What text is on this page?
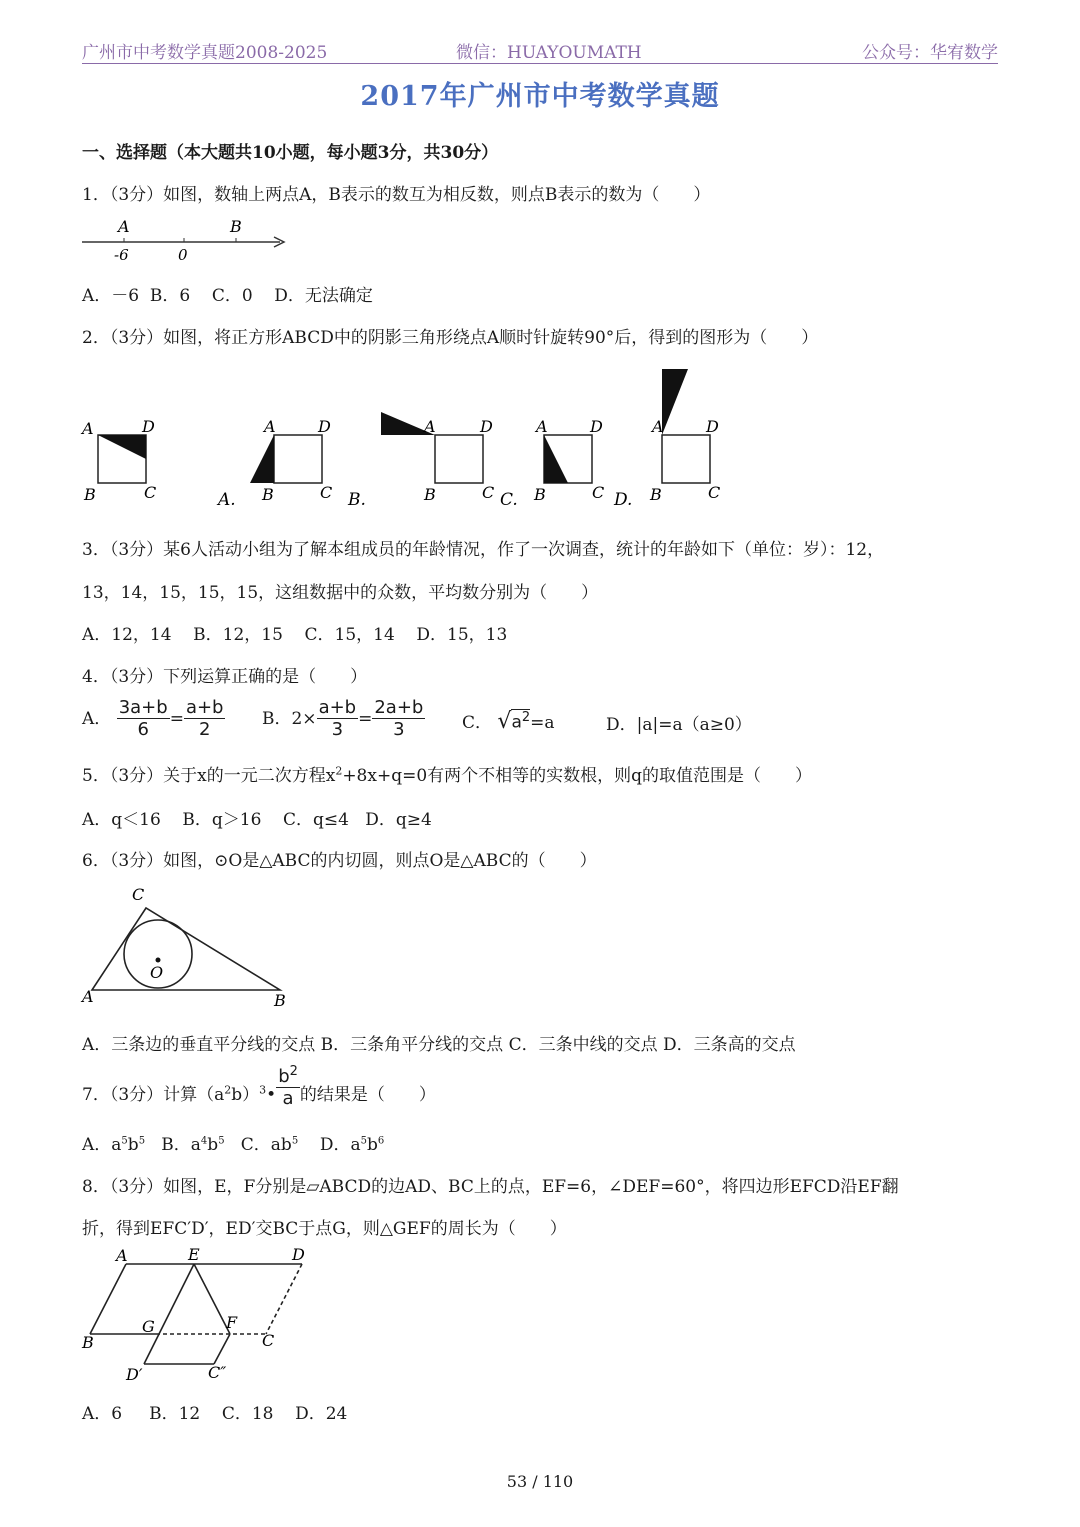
广州市中考数学真题2008-2025	微信：HUAYOUMATH	公众号：华宥数学
2017年广州市中考数学真题
一、选择题（本大题共10小题，每小题3分，共30分）
1．（3分）如图，数轴上两点A，B表示的数互为相反数，则点B表示的数为（　　）
A	B
-6	0
A．－6  B．6    C．0    D．无法确定
2．（3分）如图，将正方形ABCD中的阴影三角形绕点A顺时针旋转90°后，得到的图形为（　　）
A	D
B	C
A	D
B	C
A.
A	D
B	C
B.
A	D
B	C
C.
A	D
B	C
D.
3．（3分）某6人活动小组为了解本组成员的年龄情况，作了一次调查，统计的年龄如下（单位：岁）：12，
13，14，15，15，15，这组数据中的众数，平均数分别为（　　）
A．12，14    B．12，15    C．15，14    D．15，13
4．（3分）下列运算正确的是（　　）
A． $\frac{3a+b}{6} = \frac{a+b}{2}$ B．$2\times \frac{a+b}{3} = \frac{2a+b}{3}$ C． $√a^2=a$	D．|a|=a（a≥0）
5．（3分）关于x的一元二次方程$x^2+8x+q=0$有两个不相等的实数根，则q的取值范围是（　　）
A．q＜16    B．q＞16    C．q≤4   D．q≥4
6．（3分）如图，⊙O是△ABC的内切圆，则点O是△ABC的（　　）
O
C
A	B
A．三条边的垂直平分线的交点 B．三条角平分线的交点 C．三条中线的交点 D．三条高的交点
7．（3分）计算$(a^2b)^3• \frac{b^2}{a}$ 的结果是（　　）
A．$a^5b^5$ B．$a^4b^5$ C．$ab^5$ D．$a^5b^6$
8．（3分）如图，E，F分别是▱ABCD的边AD、BC上的点，EF=6，∠DEF=60°，将四边形EFCD沿EF翻
折，得到EFC′D′，ED′交BC于点G，则△GEF的周长为（　　）
A	E	D
B
G	F
C
D′	C″
A．6     B．12    C．18    D．24
53 / 110
